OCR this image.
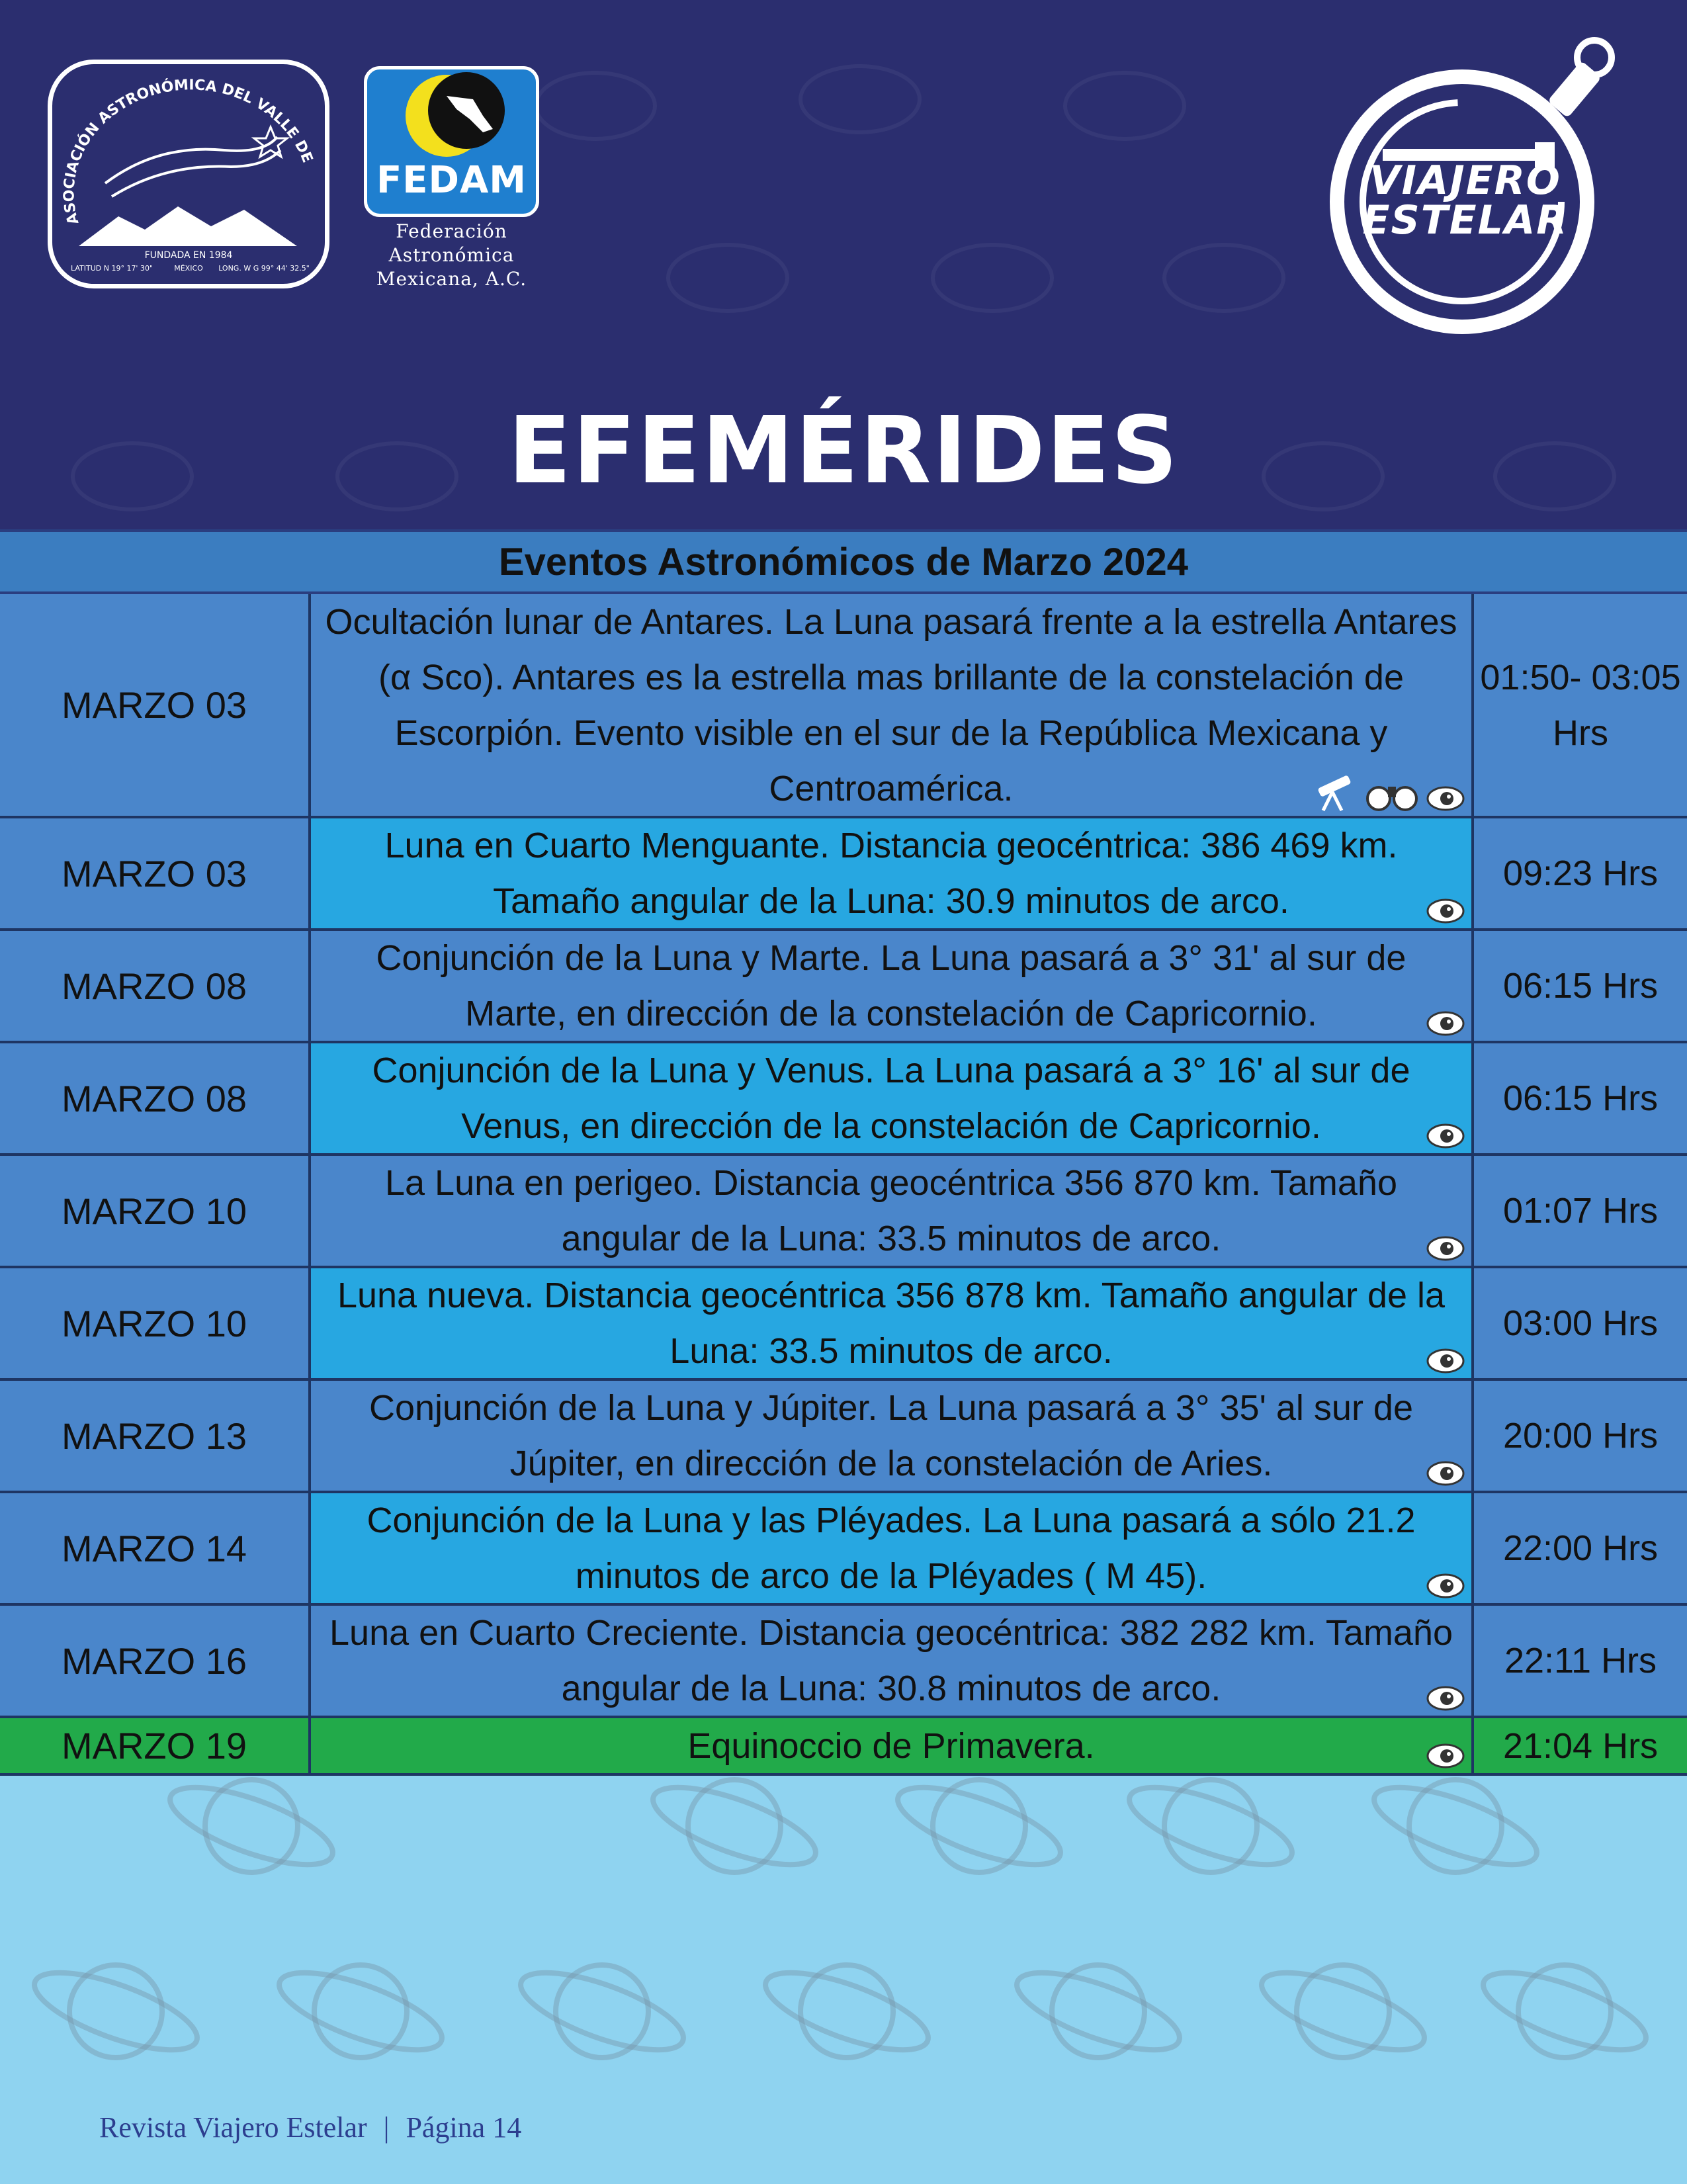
ASOCIACIÓN ASTRONÓMICA DEL VALLE DE
FUNDADA EN 1984
LATITUD N 19° 17' 30"	MÉXICO LONG. W G 99° 44' 32.5"
FEDAM
Federación
Astronómica
Mexicana, A.C.
VIAJERO
ESTELAR
EFEMÉRIDES
Eventos Astronómicos de Marzo 2024
MARZO 03
Ocultación lunar de Antares. La Luna pasará frente a la estrella Antares (α Sco). Antares es la estrella mas brillante de la constelación de Escorpión. Evento visible en el sur de la República Mexicana y Centroamérica.
01:50- 03:05 Hrs
MARZO 03
Luna en Cuarto Menguante. Distancia geocéntrica: 386 469 km. Tamaño angular de la Luna: 30.9 minutos de arco.
09:23 Hrs
MARZO 08
Conjunción de la Luna y Marte. La Luna pasará a 3° 31' al sur de Marte, en dirección de la constelación de Capricornio.
06:15 Hrs
MARZO 08
Conjunción de la Luna y Venus. La Luna pasará a 3° 16' al sur de Venus, en dirección de la constelación de Capricornio.
06:15 Hrs
MARZO 10
La Luna en perigeo. Distancia geocéntrica 356 870 km. Tamaño angular de la Luna: 33.5 minutos de arco.
01:07 Hrs
MARZO 10
Luna nueva. Distancia geocéntrica 356 878 km. Tamaño angular de la Luna: 33.5 minutos de arco.
03:00 Hrs
MARZO 13
Conjunción de la Luna y Júpiter. La Luna pasará a 3° 35' al sur de Júpiter, en dirección de la constelación de Aries.
20:00 Hrs
MARZO 14
Conjunción de la Luna y las Pléyades. La Luna pasará a sólo 21.2 minutos de arco de la Pléyades ( M 45).
22:00 Hrs
MARZO 16
Luna en Cuarto Creciente. Distancia geocéntrica: 382 282 km. Tamaño angular de la Luna: 30.8 minutos de arco.
22:11 Hrs
MARZO 19	Equinoccio de Primavera.	21:04 Hrs
Revista Viajero Estelar | Página 14
